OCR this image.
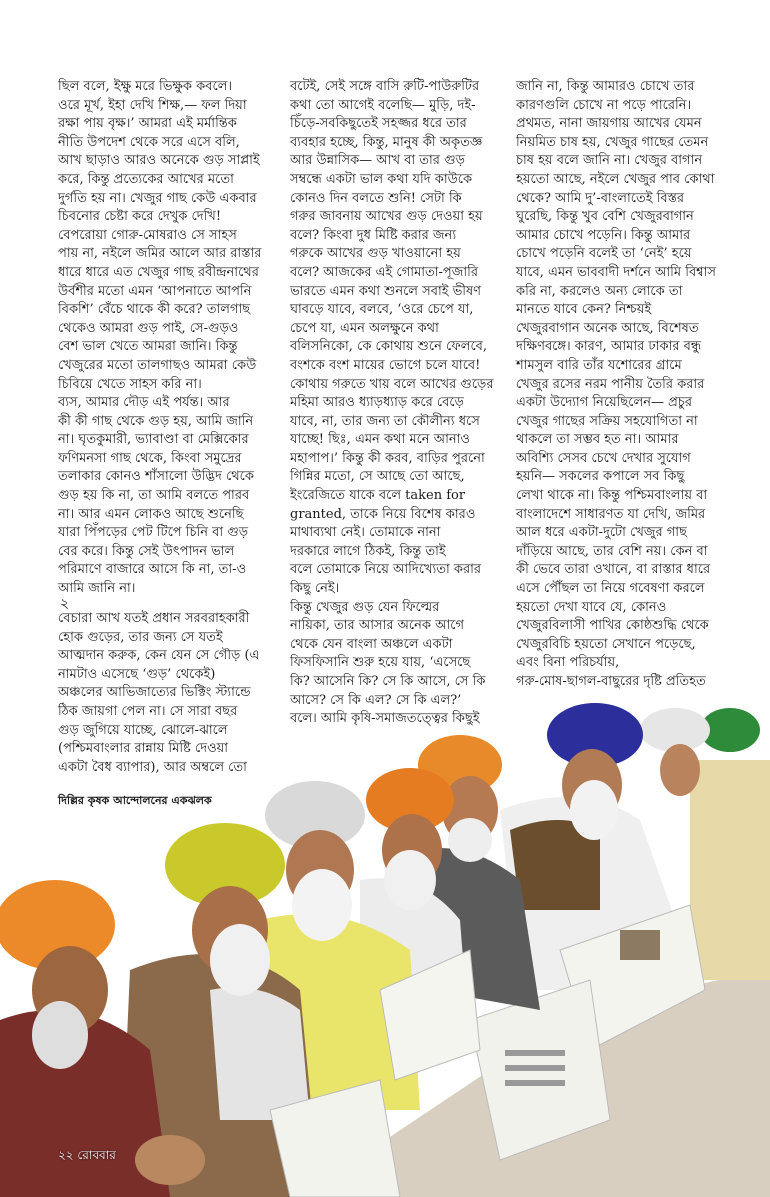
ছিল বলে, ইক্ষু মরে ভিক্ষুক কবলে।

ওরে মূর্খ, ইহা দেখি শিক্ষ,— ফল দিয়া

রক্ষা পায় বৃক্ষ।’ আমরা এই মর্মান্তিক

নীতি উপদেশ থেকে সরে এসে বলি,

আখ ছাড়াও আরও অনেকে গুড় সাপ্লাই

করে, কিন্তু প্রত্যেকের আখের মতো

দুর্গতি হয় না। খেজুর গাছ কেউ একবার

চিবনোর চেষ্টা করে দেখুক দেখি!

বেপরোয়া গোরু-মোষরাও সে সাহস

পায় না, নইলে জমির আলে আর রাস্তার

ধারে ধারে এত খেজুর গাছ রবীন্দ্রনাথের

উর্বশীর মতো এমন ‘আপনাতে আপনি

বিকশি’ বেঁচে থাকে কী করে? তালগাছ

থেকেও আমরা গুড় পাই, সে-গুড়ও

বেশ ভাল খেতে আমরা জানি। কিন্তু

খেজুরের মতো তালগাছও আমরা কেউ

চিবিয়ে খেতে সাহস করি না।

ব্যস, আমার দৌড় এই পর্যন্ত। আর

কী কী গাছ থেকে গুড় হয়, আমি জানি

না। ঘৃতকুমারী, ভ্যাবাণ্ডা বা মেক্সিকোর

ফণিমনসা গাছ থেকে, কিংবা সমুদ্রের

তলাকার কোনও শাঁসালো উদ্ভিদ থেকে

গুড় হয় কি না, তা আমি বলতে পারব

না। আর এমন লোকও আছে শুনেছি

যারা পিঁপড়ের পেট টিপে চিনি বা গুড়

বের করে। কিন্তু সেই উৎপাদন ভাল

পরিমাণে বাজারে আসে কি না, তা-ও

আমি জানি না।

২

বেচারা আখ যতই প্রধান সরবরাহকারী

হোক গুড়ের, তার জন্য সে যতই

আত্মদান করুক, কেন যেন সে গৌড় (এ

নামটাও এসেছে ‘গুড়’ থেকেই)

অঞ্চলের আভিজাত্যের ভিক্টিং স্ট্যান্ডে

ঠিক জায়গা পেল না। সে সারা বছর

গুড় জুগিয়ে যাচ্ছে, ঝোলে-ঝালে

(পশ্চিমবাংলার রান্নায় মিষ্টি দেওয়া

একটা বৈধ ব্যাপার), আর অম্বলে তো

বটেই, সেই সঙ্গে বাসি রুটি-পাউরুটির

কথা তো আগেই বলেছি— মুড়ি, দই-

চিঁড়ে-সবকিছুতেই সহজ্জর ধরে তার

ব্যবহার হচ্ছে, কিন্তু, মানুষ কী অকৃতজ্ঞ

আর উন্নাসিক— আখ বা তার গুড়

সম্বন্ধে একটা ভাল কথা যদি কাউকে

কোনও দিন বলতে শুনি! সেটা কি

গরুর জাবনায় আখের গুড় দেওয়া হয়

বলে? কিংবা দুধ মিষ্টি করার জন্য

গরুকে আখের গুড় খাওয়ানো হয়

বলে? আজকের এই গোমাতা-পূজারি

ভারতে এমন কথা শুনলে সবাই ভীষণ

ঘাবড়ে যাবে, বলবে, ‘ওরে চেপে যা,

চেপে যা, এমন অলক্ষুনে কথা

বলিসনিকো, কে কোথায় শুনে ফেলবে,

বংশকে বংশ মায়ের ভোগে চলে যাবে!

কোথায় গরুতে খায় বলে আখের গুড়ের

মহিমা আরও ধ্যাড়ধ্যাড় করে বেড়ে

যাবে, না, তার জন্য তা কৌলীন্য ধসে

যাচ্ছে! ছিঃ, এমন কথা মনে আনাও

মহাপাপ।’ কিন্তু কী করব, বাড়ির পুরনো

গিন্নির মতো, সে আছে তো আছে,

ইংরেজিতে যাকে বলে taken for

granted, তাকে নিয়ে বিশেষ কারও

মাথাব্যথা নেই। তোমাকে নানা

দরকারে লাগে ঠিকই, কিন্তু তাই

বলে তোমাকে নিয়ে আদিখ্যেতা করার

কিছু নেই।

কিন্তু খেজুর গুড় যেন ফিল্মের

নায়িকা, তার আসার অনেক আগে

থেকে যেন বাংলা অঞ্চলে একটা

ফিসফিসানি শুরু হয়ে যায়, ‘এসেছে

কি? আসেনি কি? সে কি আসে, সে কি

আসে? সে কি এল? সে কি এল?’

বলে। আমি কৃষি-সমাজতত্ত্বের কিছুই

জানি না, কিন্তু আমারও চোখে তার

কারণগুলি চোখে না পড়ে পারেনি।

প্রথমত, নানা জায়গায় আখের যেমন

নিয়মিত চাষ হয়, খেজুর গাছের তেমন

চাষ হয় বলে জানি না। খেজুর বাগান

হয়তো আছে, নইলে খেজুর পাব কোথা

থেকে? আমি দু’-বাংলাতেই বিস্তর

ঘুরেছি, কিন্তু খুব বেশি খেজুরবাগান

আমার চোখে পড়েনি। কিন্তু আমার

চোখে পড়েনি বলেই তা ‘নেই’ হয়ে

যাবে, এমন ভাববাদী দর্শনে আমি বিশ্বাস

করি না, করলেও অন্য লোকে তা

মানতে যাবে কেন? নিশ্চয়ই

খেজুরবাগান অনেক আছে, বিশেষত

দক্ষিণবঙ্গে। কারণ, আমার ঢাকার বন্ধু

শামসুল বারি তাঁর যশোরের গ্রামে

খেজুর রসের নরম পানীয় তৈরি করার

একটা উদ্যোগ নিয়েছিলেন— প্রচুর

খেজুর গাছের সক্রিয় সহযোগিতা না

থাকলে তা সম্ভব হত না। আমার

অবিশ্যি সেসব চেখে দেখার সুযোগ

হয়নি— সকলের কপালে সব কিছু

লেখা থাকে না। কিন্তু পশ্চিমবাংলায় বা

বাংলাদেশে সাধারণত যা দেখি, জমির

আল ধরে একটা-দুটো খেজুর গাছ

দাঁড়িয়ে আছে, তার বেশি নয়। কেন বা

কী ভেবে তারা ওখানে, বা রাস্তার ধারে

এসে পৌঁছল তা নিয়ে গবেষণা করলে

হয়তো দেখা যাবে যে, কোনও

খেজুরবিলাসী পাখির কোষ্ঠশুদ্ধি থেকে

খেজুরবিচি হয়তো সেখানে পড়েছে,

এবং বিনা পরিচর্যায়,

গরু-মোষ-ছাগল-বাছুরের দৃষ্টি প্রতিহত

দিল্লির কৃষক আন্দোলনের একঝলক
২২ রোববার
